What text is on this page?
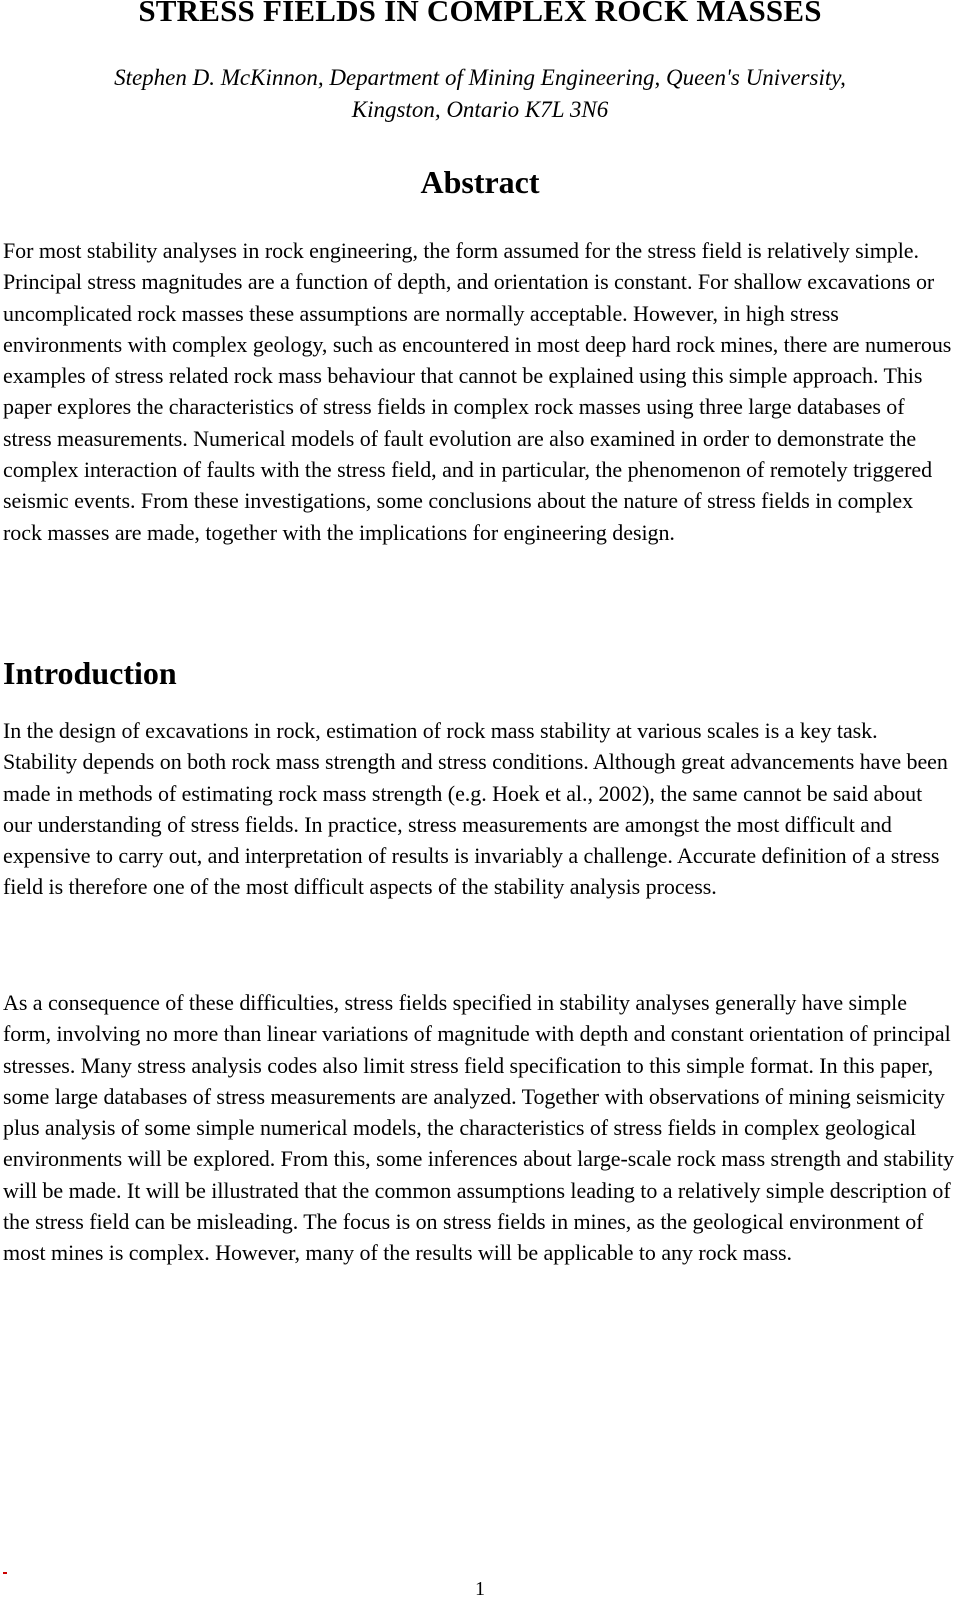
STRESS FIELDS IN COMPLEX ROCK MASSES
Stephen D. McKinnon, Department of Mining Engineering, Queen's University,
Kingston, Ontario K7L 3N6
Abstract

For most stability analyses in rock engineering, the form assumed for the stress field is relatively simple. Principal stress magnitudes are a function of depth, and orientation is constant. For shallow excavations or uncomplicated rock masses these assumptions are normally acceptable. However, in high stress environments with complex geology, such as encountered in most deep hard rock mines, there are numerous examples of stress related rock mass behaviour that cannot be explained using this simple approach. This paper explores the characteristics of stress fields in complex rock masses using three large databases of stress measurements. Numerical models of fault evolution are also examined in order to demonstrate the complex interaction of faults with the stress field, and in particular, the phenomenon of remotely triggered seismic events. From these investigations, some conclusions about the nature of stress fields in complex rock masses are made, together with the implications for engineering design.

Introduction

In the design of excavations in rock, estimation of rock mass stability at various scales is a key task. Stability depends on both rock mass strength and stress conditions. Although great advancements have been made in methods of estimating rock mass strength (e.g. Hoek et al., 2002), the same cannot be said about our understanding of stress fields. In practice, stress measurements are amongst the most difficult and expensive to carry out, and interpretation of results is invariably a challenge. Accurate definition of a stress field is therefore one of the most difficult aspects of the stability analysis process.

As a consequence of these difficulties, stress fields specified in stability analyses generally have simple form, involving no more than linear variations of magnitude with depth and constant orientation of principal stresses. Many stress analysis codes also limit stress field specification to this simple format. In this paper, some large databases of stress measurements are analyzed. Together with observations of mining seismicity plus analysis of some simple numerical models, the characteristics of stress fields in complex geological environments will be explored. From this, some inferences about large-scale rock mass strength and stability will be made. It will be illustrated that the common assumptions leading to a relatively simple description of the stress field can be misleading. The focus is on stress fields in mines, as the geological environment of most mines is complex. However, many of the results will be applicable to any rock mass.

1
